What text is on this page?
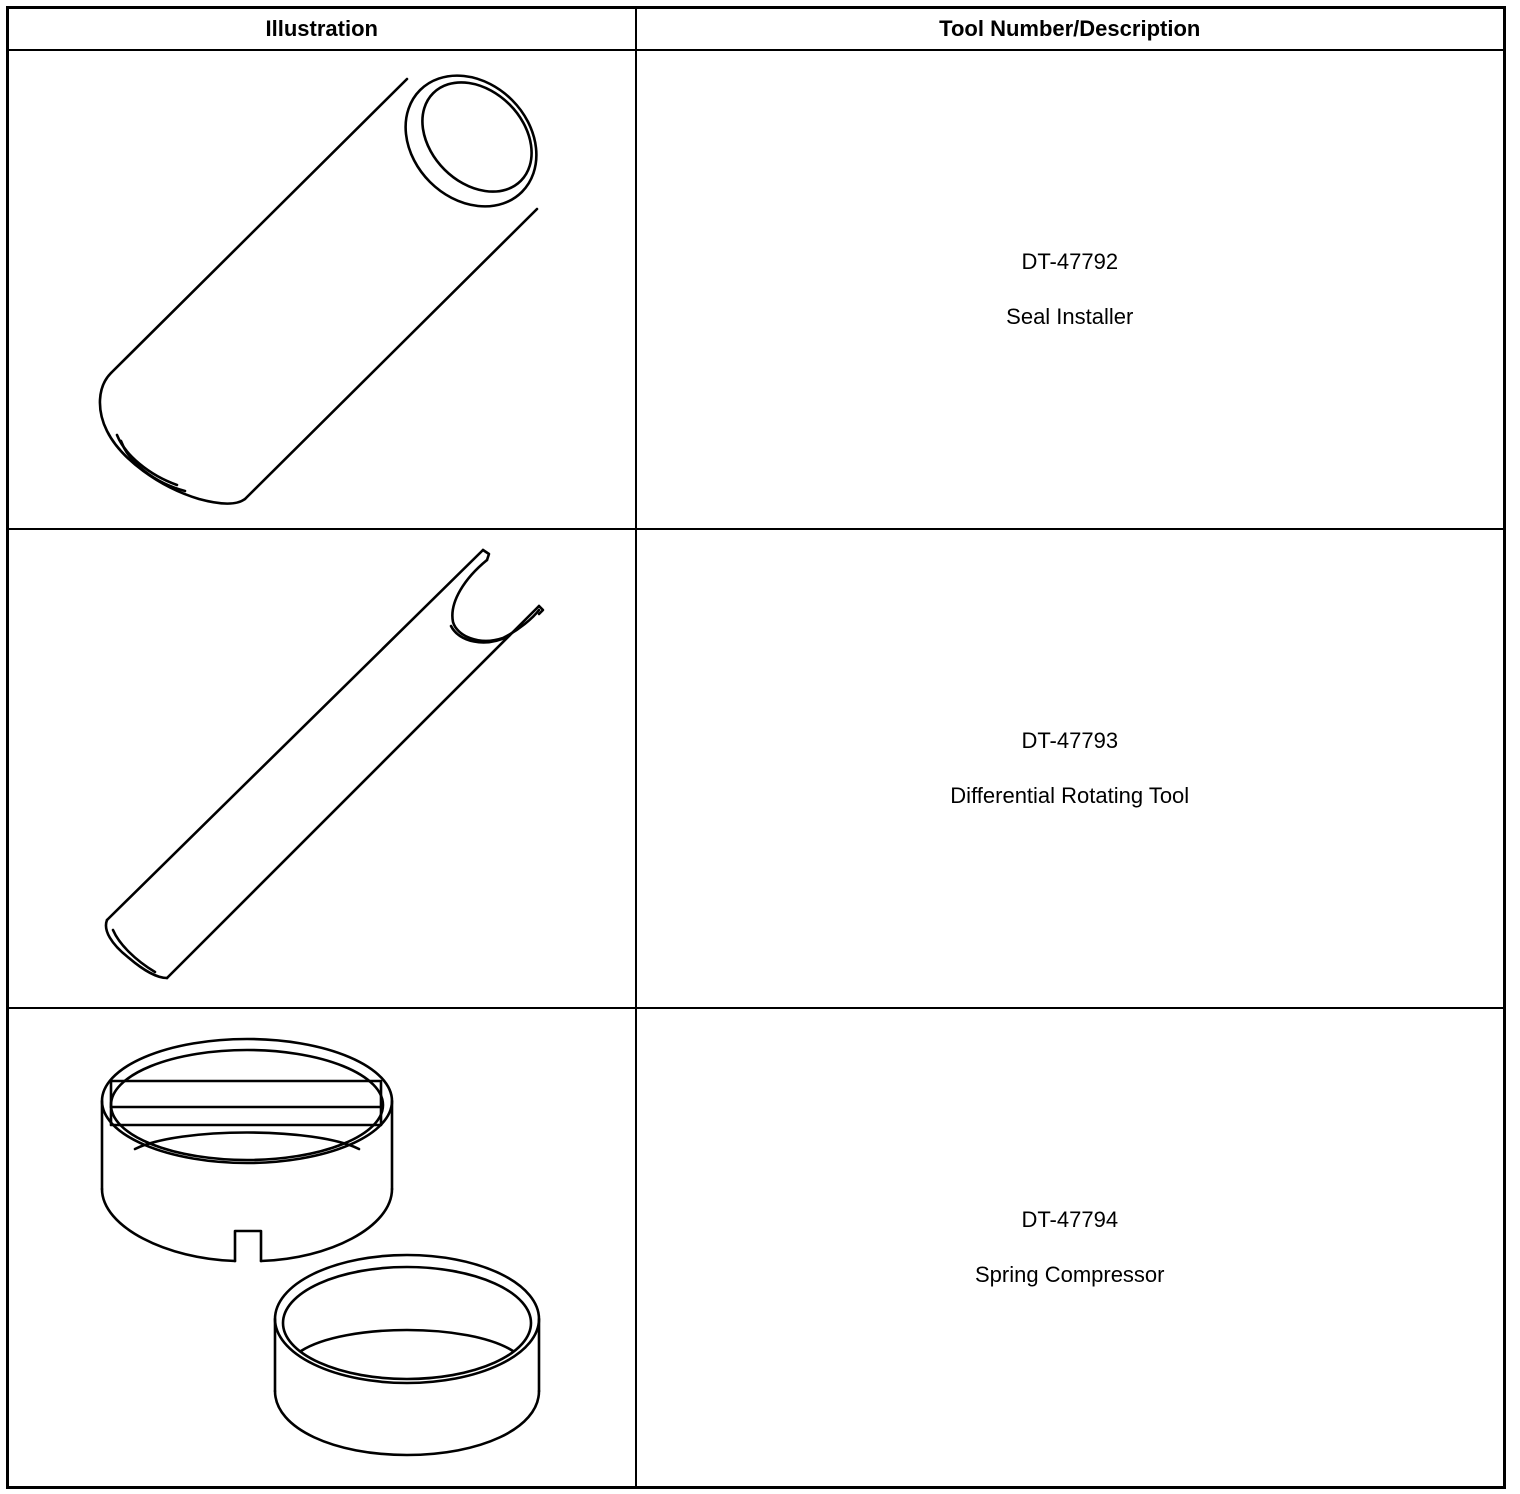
Illustration	Tool Number/Description

DT-47792
Seal Installer

DT-47793
Differential Rotating Tool

DT-47794
Spring Compressor
